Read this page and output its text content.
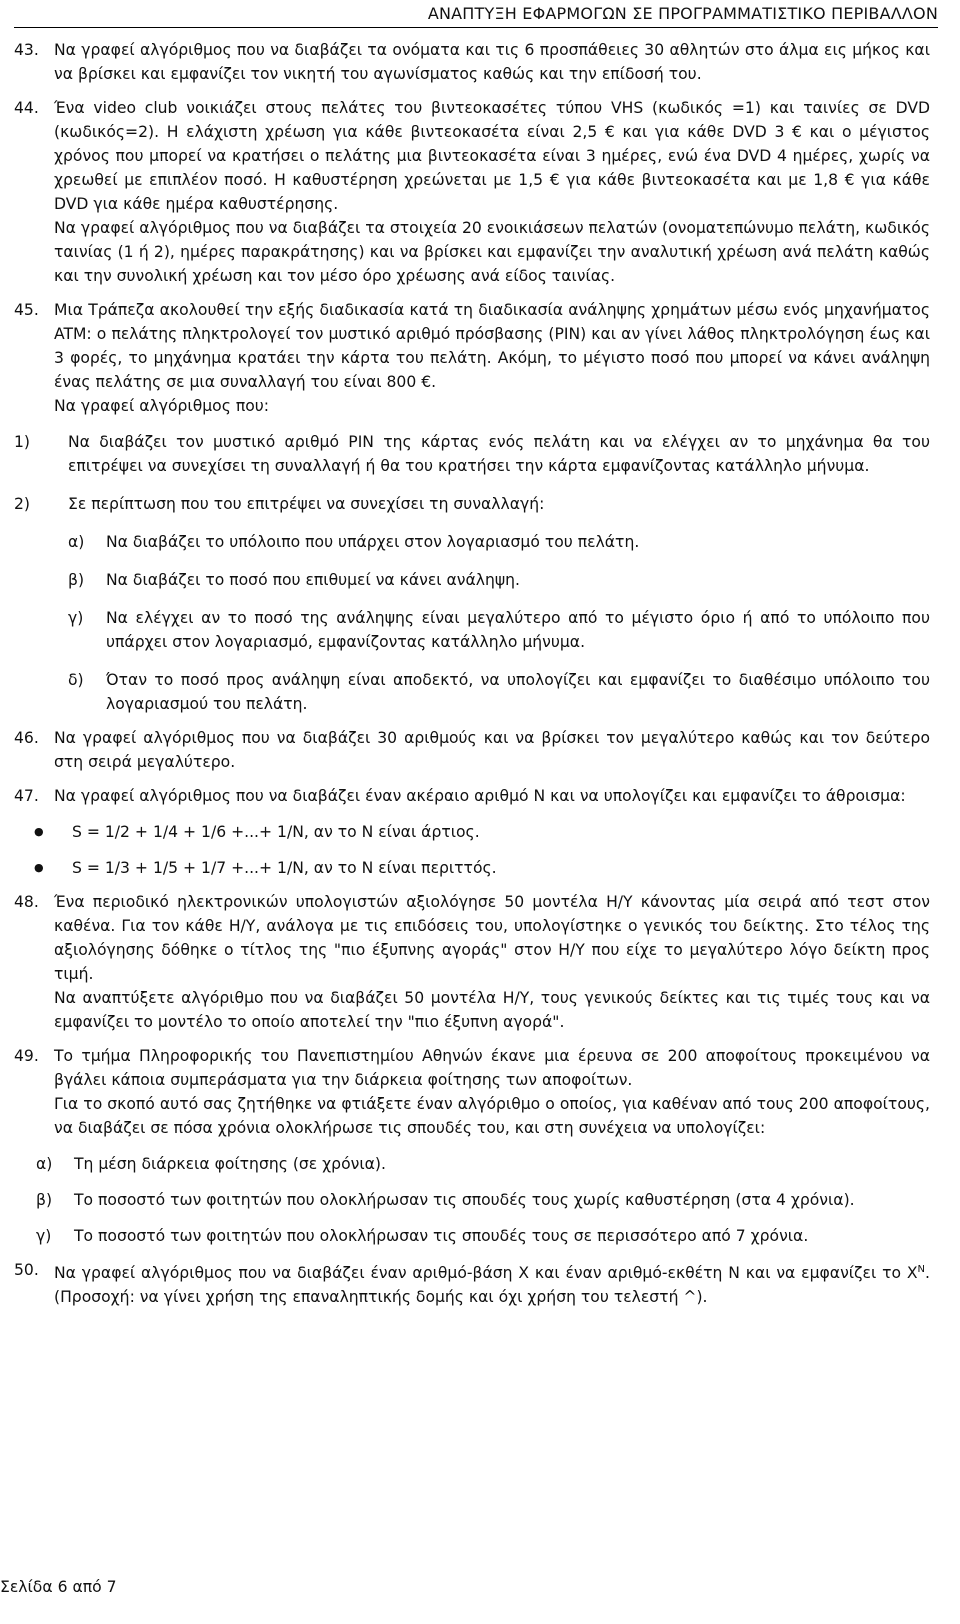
ΑΝΑΠΤΥΞΗ ΕΦΑΡΜΟΓΩΝ ΣΕ ΠΡΟΓΡΑΜΜΑΤΙΣΤΙΚΟ ΠΕΡΙΒΑΛΛΟΝ
43. Να γραφεί αλγόριθμος που να διαβάζει τα ονόματα και τις 6 προσπάθειες 30 αθλητών στο άλμα εις μήκος και να βρίσκει και εμφανίζει τον νικητή του αγωνίσματος καθώς και την επίδοσή του.

44. Ένα video club νοικιάζει στους πελάτες του βιντεοκασέτες τύπου VHS (κωδικός =1) και ταινίες σε DVD (κωδικός=2). Η ελάχιστη χρέωση για κάθε βιντεοκασέτα είναι 2,5 € και για κάθε DVD 3 € και ο μέγιστος χρόνος που μπορεί να κρατήσει ο πελάτης μια βιντεοκασέτα είναι 3 ημέρες, ενώ ένα DVD 4 ημέρες, χωρίς να χρεωθεί με επιπλέον ποσό. Η καθυστέρηση χρεώνεται με 1,5 € για κάθε βιντεοκασέτα και με 1,8 € για κάθε DVD για κάθε ημέρα καθυστέρησης.

Να γραφεί αλγόριθμος που να διαβάζει τα στοιχεία 20 ενοικιάσεων πελατών (ονοματεπώνυμο πελάτη, κωδικός ταινίας (1 ή 2), ημέρες παρακράτησης) και να βρίσκει και εμφανίζει την αναλυτική χρέωση ανά πελάτη καθώς και την συνολική χρέωση και τον μέσο όρο χρέωσης ανά είδος ταινίας.

45. Μια Τράπεζα ακολουθεί την εξής διαδικασία κατά τη διαδικασία ανάληψης χρημάτων μέσω ενός μηχανήματος ATM: ο πελάτης πληκτρολογεί τον μυστικό αριθμό πρόσβασης (PIN) και αν γίνει λάθος πληκτρολόγηση έως και 3 φορές, το μηχάνημα κρατάει την κάρτα του πελάτη. Ακόμη, το μέγιστο ποσό που μπορεί να κάνει ανάληψη ένας πελάτης σε μια συναλλαγή του είναι 800 €.

Να γραφεί αλγόριθμος που:

1)	Να διαβάζει τον μυστικό αριθμό PIN της κάρτας ενός πελάτη και να ελέγχει αν το μηχάνημα θα του επιτρέψει να συνεχίσει τη συναλλαγή ή θα του κρατήσει την κάρτα εμφανίζοντας κατάλληλο μήνυμα.
2)	Σε περίπτωση που του επιτρέψει να συνεχίσει τη συναλλαγή:
α)	Να διαβάζει το υπόλοιπο που υπάρχει στον λογαριασμό του πελάτη.
β)	Να διαβάζει το ποσό που επιθυμεί να κάνει ανάληψη.
γ)	Να ελέγχει αν το ποσό της ανάληψης είναι μεγαλύτερο από το μέγιστο όριο ή από το υπόλοιπο που υπάρχει στον λογαριασμό, εμφανίζοντας κατάλληλο μήνυμα.
δ)	Όταν το ποσό προς ανάληψη είναι αποδεκτό, να υπολογίζει και εμφανίζει το διαθέσιμο υπόλοιπο του λογαριασμού του πελάτη.
46. Να γραφεί αλγόριθμος που να διαβάζει 30 αριθμούς και να βρίσκει τον μεγαλύτερο καθώς και τον δεύτερο στη σειρά μεγαλύτερο.

47. Να γραφεί αλγόριθμος που να διαβάζει έναν ακέραιο αριθμό Ν και να υπολογίζει και εμφανίζει το άθροισμα:

●	S = 1/2 + 1/4 + 1/6 +...+ 1/Ν, αν το Ν είναι άρτιος.
●	S = 1/3 + 1/5 + 1/7 +...+ 1/Ν, αν το Ν είναι περιττός.
48. Ένα περιοδικό ηλεκτρονικών υπολογιστών αξιολόγησε 50 μοντέλα Η/Υ κάνοντας μία σειρά από τεστ στον καθένα. Για τον κάθε Η/Υ, ανάλογα με τις επιδόσεις του, υπολογίστηκε ο γενικός του δείκτης. Στο τέλος της αξιολόγησης δόθηκε ο τίτλος της "πιο έξυπνης αγοράς" στον Η/Υ που είχε το μεγαλύτερο λόγο δείκτη προς τιμή.

Να αναπτύξετε αλγόριθμο που να διαβάζει 50 μοντέλα Η/Υ, τους γενικούς δείκτες και τις τιμές τους και να εμφανίζει το μοντέλο το οποίο αποτελεί την "πιο έξυπνη αγορά".

49. Το τμήμα Πληροφορικής του Πανεπιστημίου Αθηνών έκανε μια έρευνα σε 200 αποφοίτους προκειμένου να βγάλει κάποια συμπεράσματα για την διάρκεια φοίτησης των αποφοίτων.

Για το σκοπό αυτό σας ζητήθηκε να φτιάξετε έναν αλγόριθμο ο οποίος, για καθέναν από τους 200 αποφοίτους, να διαβάζει σε πόσα χρόνια ολοκλήρωσε τις σπουδές του, και στη συνέχεια να υπολογίζει:

α)	Τη μέση διάρκεια φοίτησης (σε χρόνια).
β)	Το ποσοστό των φοιτητών που ολοκλήρωσαν τις σπουδές τους χωρίς καθυστέρηση (στα 4 χρόνια).
γ)	Το ποσοστό των φοιτητών που ολοκλήρωσαν τις σπουδές τους σε περισσότερο από 7 χρόνια.
50. Να γραφεί αλγόριθμος που να διαβάζει έναν αριθμό-βάση Χ και έναν αριθμό-εκθέτη Ν και να εμφανίζει το $X^N$. (Προσοχή: να γίνει χρήση της επαναληπτικής δομής και όχι χρήση του τελεστή ^).

Σελίδα 6 από 7
